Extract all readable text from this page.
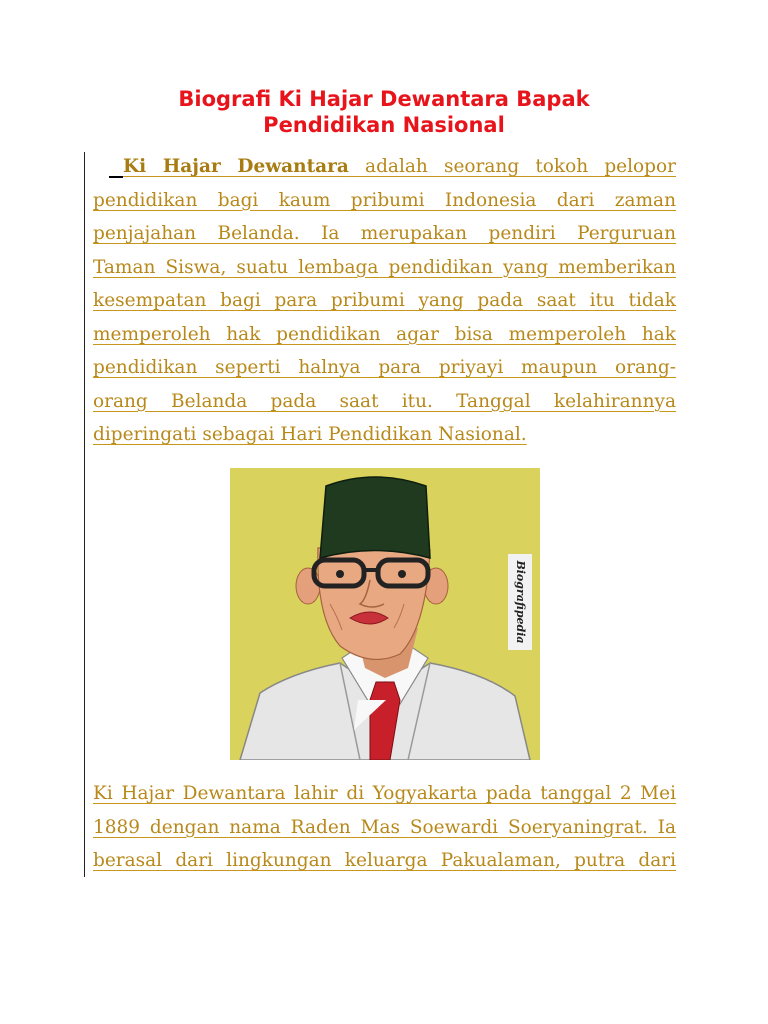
Biografi Ki Hajar Dewantara Bapak
Pendidikan Nasional
Ki Hajar Dewantara adalah seorang tokoh pelopor
pendidikan bagi kaum pribumi Indonesia dari zaman
penjajahan Belanda. Ia merupakan pendiri Perguruan
Taman Siswa, suatu lembaga pendidikan yang memberikan
kesempatan bagi para pribumi yang pada saat itu tidak
memperoleh hak pendidikan agar bisa memperoleh hak
pendidikan seperti halnya para priyayi maupun orang-
orang Belanda pada saat itu. Tanggal kelahirannya
diperingati sebagai Hari Pendidikan Nasional.
Biografipedia
Ki Hajar Dewantara lahir di Yogyakarta pada tanggal 2 Mei
1889 dengan nama Raden Mas Soewardi Soeryaningrat. Ia
berasal dari lingkungan keluarga Pakualaman, putra dari
